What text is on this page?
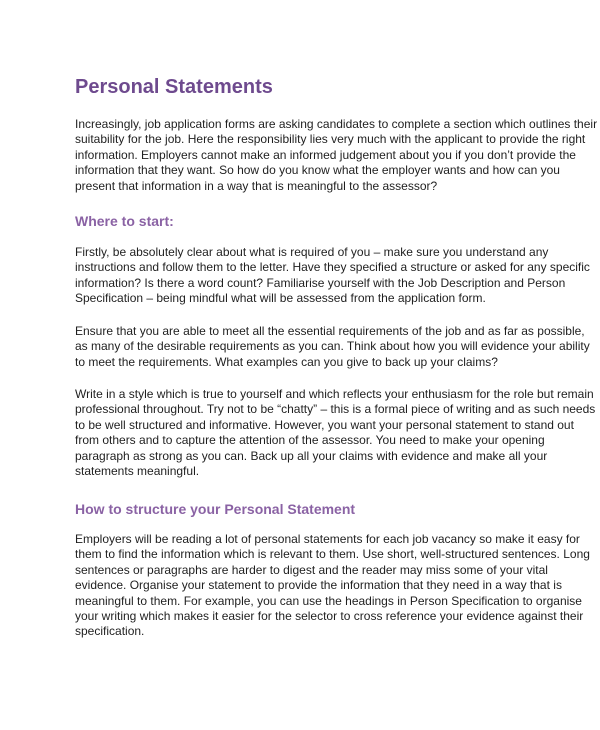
Personal Statements
Increasingly, job application forms are asking candidates to complete a section which outlines their
suitability for the job. Here the responsibility lies very much with the applicant to provide the right
information. Employers cannot make an informed judgement about you if you don’t provide the
information that they want. So how do you know what the employer wants and how can you
present that information in a way that is meaningful to the assessor?
Where to start:
Firstly, be absolutely clear about what is required of you – make sure you understand any
instructions and follow them to the letter. Have they specified a structure or asked for any specific
information? Is there a word count? Familiarise yourself with the Job Description and Person
Specification – being mindful what will be assessed from the application form.
Ensure that you are able to meet all the essential requirements of the job and as far as possible,
as many of the desirable requirements as you can. Think about how you will evidence your ability
to meet the requirements. What examples can you give to back up your claims?
Write in a style which is true to yourself and which reflects your enthusiasm for the role but remain
professional throughout. Try not to be “chatty” – this is a formal piece of writing and as such needs
to be well structured and informative. However, you want your personal statement to stand out
from others and to capture the attention of the assessor. You need to make your opening
paragraph as strong as you can. Back up all your claims with evidence and make all your
statements meaningful.
How to structure your Personal Statement
Employers will be reading a lot of personal statements for each job vacancy so make it easy for
them to find the information which is relevant to them. Use short, well-structured sentences. Long
sentences or paragraphs are harder to digest and the reader may miss some of your vital
evidence. Organise your statement to provide the information that they need in a way that is
meaningful to them. For example, you can use the headings in Person Specification to organise
your writing which makes it easier for the selector to cross reference your evidence against their
specification.
